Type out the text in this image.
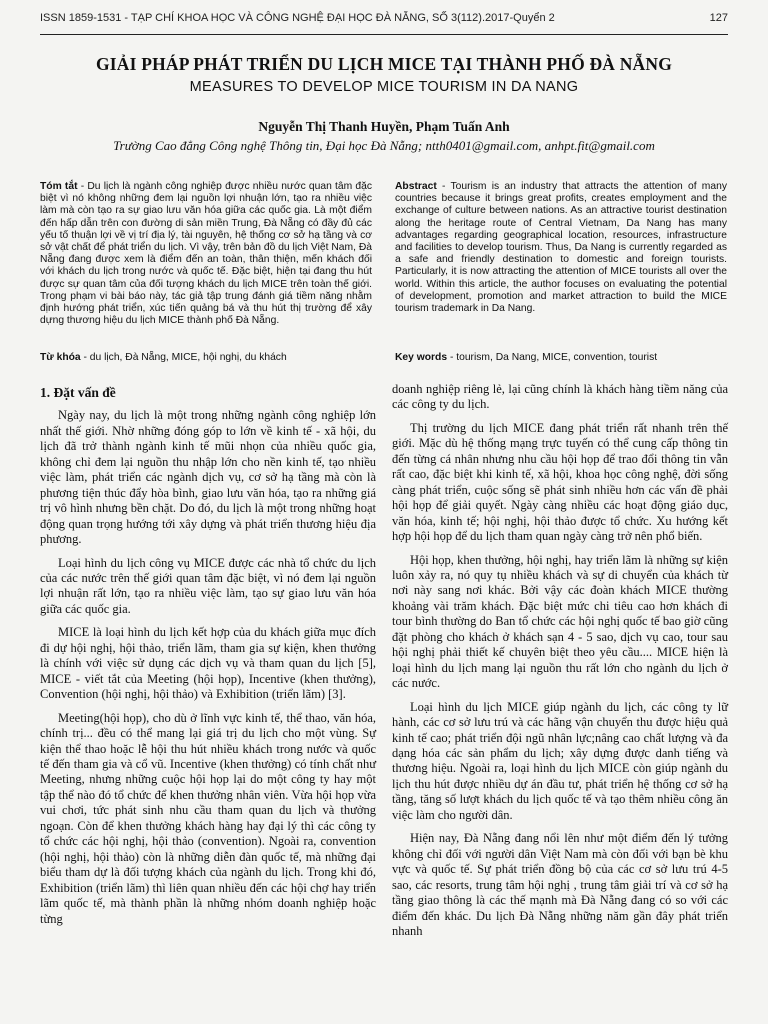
ISSN 1859-1531 - TẠP CHÍ KHOA HỌC VÀ CÔNG NGHỆ ĐẠI HỌC ĐÀ NẴNG, SỐ 3(112).2017-Quyển 2	127
GIẢI PHÁP PHÁT TRIỂN DU LỊCH MICE TẠI THÀNH PHỐ ĐÀ NẴNG
MEASURES TO DEVELOP MICE TOURISM IN DA NANG
Nguyễn Thị Thanh Huyền, Phạm Tuấn Anh
Trường Cao đẳng Công nghệ Thông tin, Đại học Đà Nẵng; ntth0401@gmail.com, anhpt.fit@gmail.com
Tóm tắt - Du lịch là ngành công nghiệp được nhiều nước quan tâm đặc biệt vì nó không những đem lại nguồn lợi nhuận lớn, tạo ra nhiều việc làm mà còn tạo ra sự giao lưu văn hóa giữa các quốc gia. Là một điểm đến hấp dẫn trên con đường di sản miền Trung, Đà Nẵng có đầy đủ các yếu tố thuận lợi về vị trí địa lý, tài nguyên, hệ thống cơ sở hạ tầng và cơ sở vật chất để phát triển du lịch. Vì vậy, trên bản đồ du lịch Việt Nam, Đà Nẵng đang được xem là điểm đến an toàn, thân thiện, mến khách đối với khách du lịch trong nước và quốc tế. Đặc biệt, hiện tại đang thu hút được sự quan tâm của đối tượng khách du lịch MICE trên toàn thế giới. Trong phạm vi bài báo này, tác giả tập trung đánh giá tiềm năng nhằm định hướng phát triển, xúc tiến quảng bá và thu hút thị trường để xây dựng thương hiệu du lịch MICE thành phố Đà Nẵng.
Abstract - Tourism is an industry that attracts the attention of many countries because it brings great profits, creates employment and the exchange of culture between nations. As an attractive tourist destination along the heritage route of Central Vietnam, Da Nang has many advantages regarding geographical location, resources, infrastructure and facilities to develop tourism. Thus, Da Nang is currently regarded as a safe and friendly destination to domestic and foreign tourists. Particularly, it is now attracting the attention of MICE tourists all over the world. Within this article, the author focuses on evaluating the potential of development, promotion and market attraction to build the MICE tourism trademark in Da Nang.
Từ khóa - du lịch, Đà Nẵng, MICE, hội nghị, du khách	Key words - tourism, Da Nang, MICE, convention, tourist
1. Đặt vấn đề

Ngày nay, du lịch là một trong những ngành công nghiệp lớn nhất thế giới. Nhờ những đóng góp to lớn về kinh tế - xã hội, du lịch đã trở thành ngành kinh tế mũi nhọn của nhiều quốc gia, không chỉ đem lại nguồn thu nhập lớn cho nền kinh tế, tạo nhiều việc làm, phát triển các ngành dịch vụ, cơ sở hạ tầng mà còn là phương tiện thúc đẩy hòa bình, giao lưu văn hóa, tạo ra những giá trị vô hình nhưng bền chặt. Do đó, du lịch là một trong những hoạt động quan trọng hướng tới xây dựng và phát triển thương hiệu địa phương.

Loại hình du lịch công vụ MICE được các nhà tổ chức du lịch của các nước trên thế giới quan tâm đặc biệt, vì nó đem lại nguồn lợi nhuận rất lớn, tạo ra nhiều việc làm, tạo sự giao lưu văn hóa giữa các quốc gia.

MICE là loại hình du lịch kết hợp của du khách giữa mục đích đi dự hội nghị, hội thảo, triển lãm, tham gia sự kiện, khen thưởng là chính với việc sử dụng các dịch vụ và tham quan du lịch [5], MICE - viết tắt của Meeting (hội họp), Incentive (khen thưởng), Convention (hội nghị, hội thảo) và Exhibition (triển lãm) [3].

Meeting(hội họp), cho dù ở lĩnh vực kinh tế, thể thao, văn hóa, chính trị... đều có thể mang lại giá trị du lịch cho một vùng. Sự kiện thể thao hoặc lễ hội thu hút nhiều khách trong nước và quốc tế đến tham gia và cổ vũ. Incentive (khen thưởng) có tính chất như Meeting, nhưng những cuộc hội họp lại do một công ty hay một tập thể nào đó tổ chức để khen thưởng nhân viên. Vừa hội họp vừa vui chơi, tức phát sinh nhu cầu tham quan du lịch và thưởng ngoạn. Còn để khen thưởng khách hàng hay đại lý thì các công ty tổ chức các hội nghị, hội thảo (convention). Ngoài ra, convention (hội nghị, hội thảo) còn là những diễn đàn quốc tế, mà những đại biểu tham dự là đối tượng khách của ngành du lịch. Trong khi đó, Exhibition (triển lãm) thì liên quan nhiều đến các hội chợ hay triển lãm quốc tế, mà thành phần là những nhóm doanh nghiệp hoặc từng

doanh nghiệp riêng lẻ, lại cũng chính là khách hàng tiềm năng của các công ty du lịch.

Thị trường du lịch MICE đang phát triển rất nhanh trên thế giới. Mặc dù hệ thống mạng trực tuyến có thể cung cấp thông tin đến từng cá nhân nhưng nhu cầu hội họp để trao đổi thông tin vẫn rất cao, đặc biệt khi kinh tế, xã hội, khoa học công nghệ, đời sống càng phát triển, cuộc sống sẽ phát sinh nhiều hơn các vấn đề phải hội họp để giải quyết. Ngày càng nhiều các hoạt động giáo dục, văn hóa, kinh tế; hội nghị, hội thảo được tổ chức. Xu hướng kết hợp hội họp để du lịch tham quan ngày càng trở nên phổ biến.

Hội họp, khen thưởng, hội nghị, hay triển lãm là những sự kiện luôn xảy ra, nó quy tụ nhiều khách và sự di chuyển của khách từ nơi này sang nơi khác. Bởi vậy các đoàn khách MICE thường khoảng vài trăm khách. Đặc biệt mức chi tiêu cao hơn khách đi tour bình thường do Ban tổ chức các hội nghị quốc tế bao giờ cũng đặt phòng cho khách ở khách sạn 4 - 5 sao, dịch vụ cao, tour sau hội nghị phải thiết kế chuyên biệt theo yêu cầu.... MICE hiện là loại hình du lịch mang lại nguồn thu rất lớn cho ngành du lịch ở các nước.

Loại hình du lịch MICE giúp ngành du lịch, các công ty lữ hành, các cơ sở lưu trú và các hãng vận chuyển thu được hiệu quả kinh tế cao; phát triển đội ngũ nhân lực;nâng cao chất lượng và đa dạng hóa các sản phẩm du lịch; xây dựng được danh tiếng và thương hiệu. Ngoài ra, loại hình du lịch MICE còn giúp ngành du lịch thu hút được nhiều dự án đầu tư, phát triển hệ thống cơ sở hạ tầng, tăng số lượt khách du lịch quốc tế và tạo thêm nhiều công ăn việc làm cho người dân.

Hiện nay, Đà Nẵng đang nổi lên như một điểm đến lý tưởng không chỉ đối với người dân Việt Nam mà còn đối với bạn bè khu vực và quốc tế. Sự phát triển đồng bộ của các cơ sở lưu trú 4-5 sao, các resorts, trung tâm hội nghị , trung tâm giải trí và cơ sở hạ tầng giao thông là các thế mạnh mà Đà Nẵng đang có so với các điểm đến khác. Du lịch Đà Nẵng những năm gần đây phát triển nhanh
